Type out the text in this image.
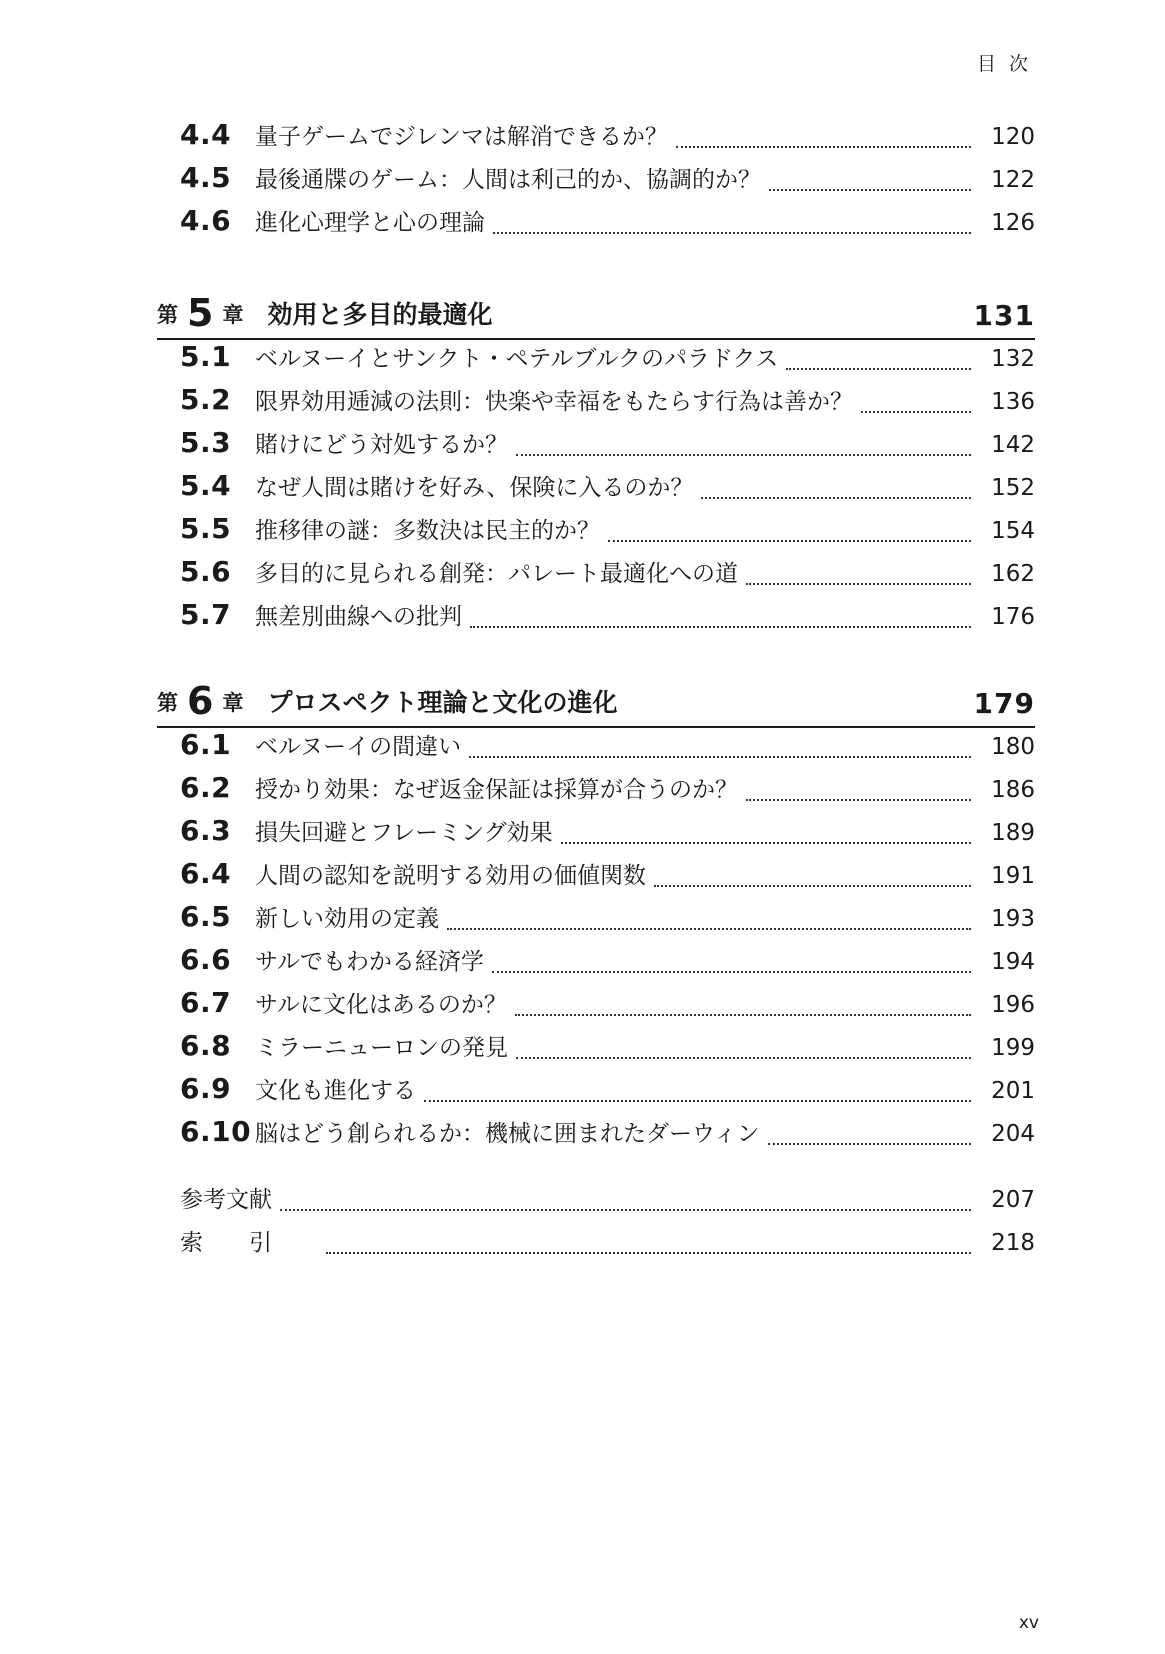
目次
4.4	量子ゲームでジレンマは解消できるか？	120
4.5	最後通牒のゲーム：人間は利己的か、協調的か？	122
4.6	進化心理学と心の理論	126
第 5 章 効用と多目的最適化	131
5.1	ベルヌーイとサンクト・ペテルブルクのパラドクス	132
5.2	限界効用逓減の法則：快楽や幸福をもたらす行為は善か？	136
5.3	賭けにどう対処するか？	142
5.4	なぜ人間は賭けを好み、保険に入るのか？	152
5.5	推移律の謎：多数決は民主的か？	154
5.6	多目的に見られる創発：パレート最適化への道	162
5.7	無差別曲線への批判	176
第 6 章 プロスペクト理論と文化の進化	179
6.1	ベルヌーイの間違い	180
6.2	授かり効果：なぜ返金保証は採算が合うのか？	186
6.3	損失回避とフレーミング効果	189
6.4	人間の認知を説明する効用の価値関数	191
6.5	新しい効用の定義	193
6.6	サルでもわかる経済学	194
6.7	サルに文化はあるのか？	196
6.8	ミラーニューロンの発見	199
6.9	文化も進化する	201
6.10 脳はどう創られるか：機械に囲まれたダーウィン	204
参考文献	207
索引	218
xv
